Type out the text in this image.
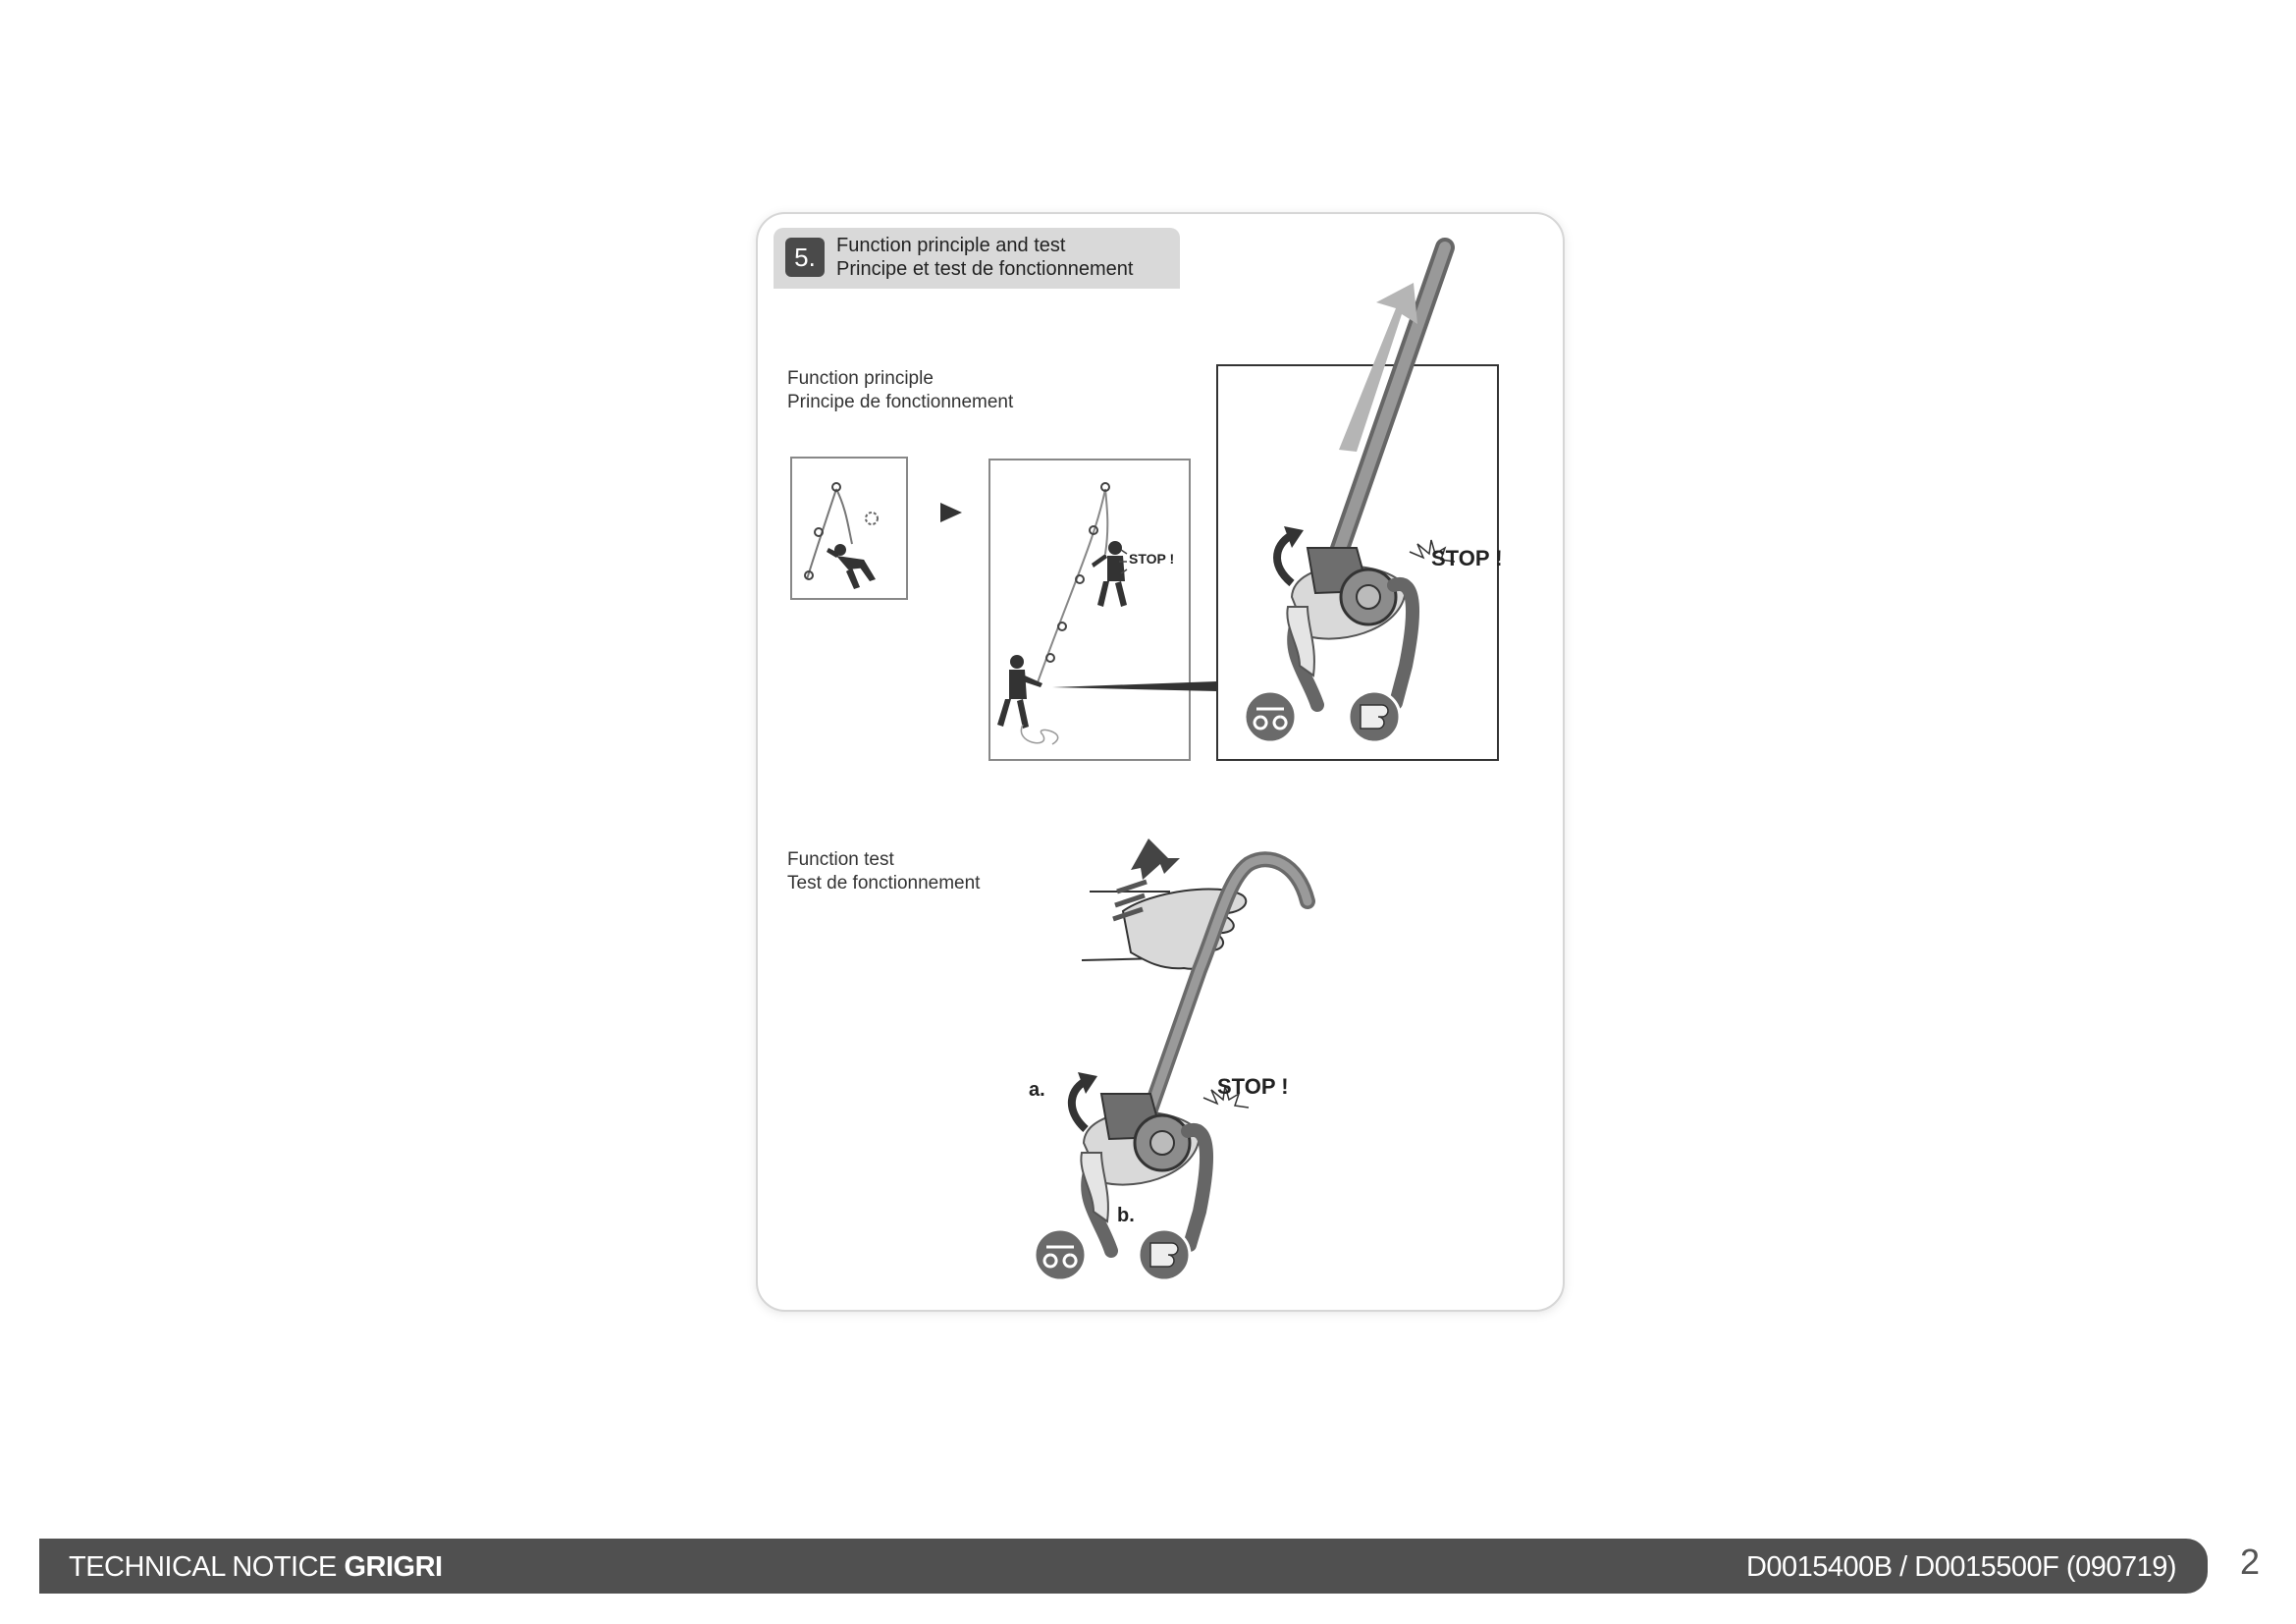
5.	Function principle and test
Principe et test de fonctionnement
Function principle
Principe de fonctionnement
Function test
Test de fonctionnement
STOP !	STOP !
a.
b.
STOP !
TECHNICAL NOTICE GRIGRI	D0015400B / D0015500F (090719) 2
